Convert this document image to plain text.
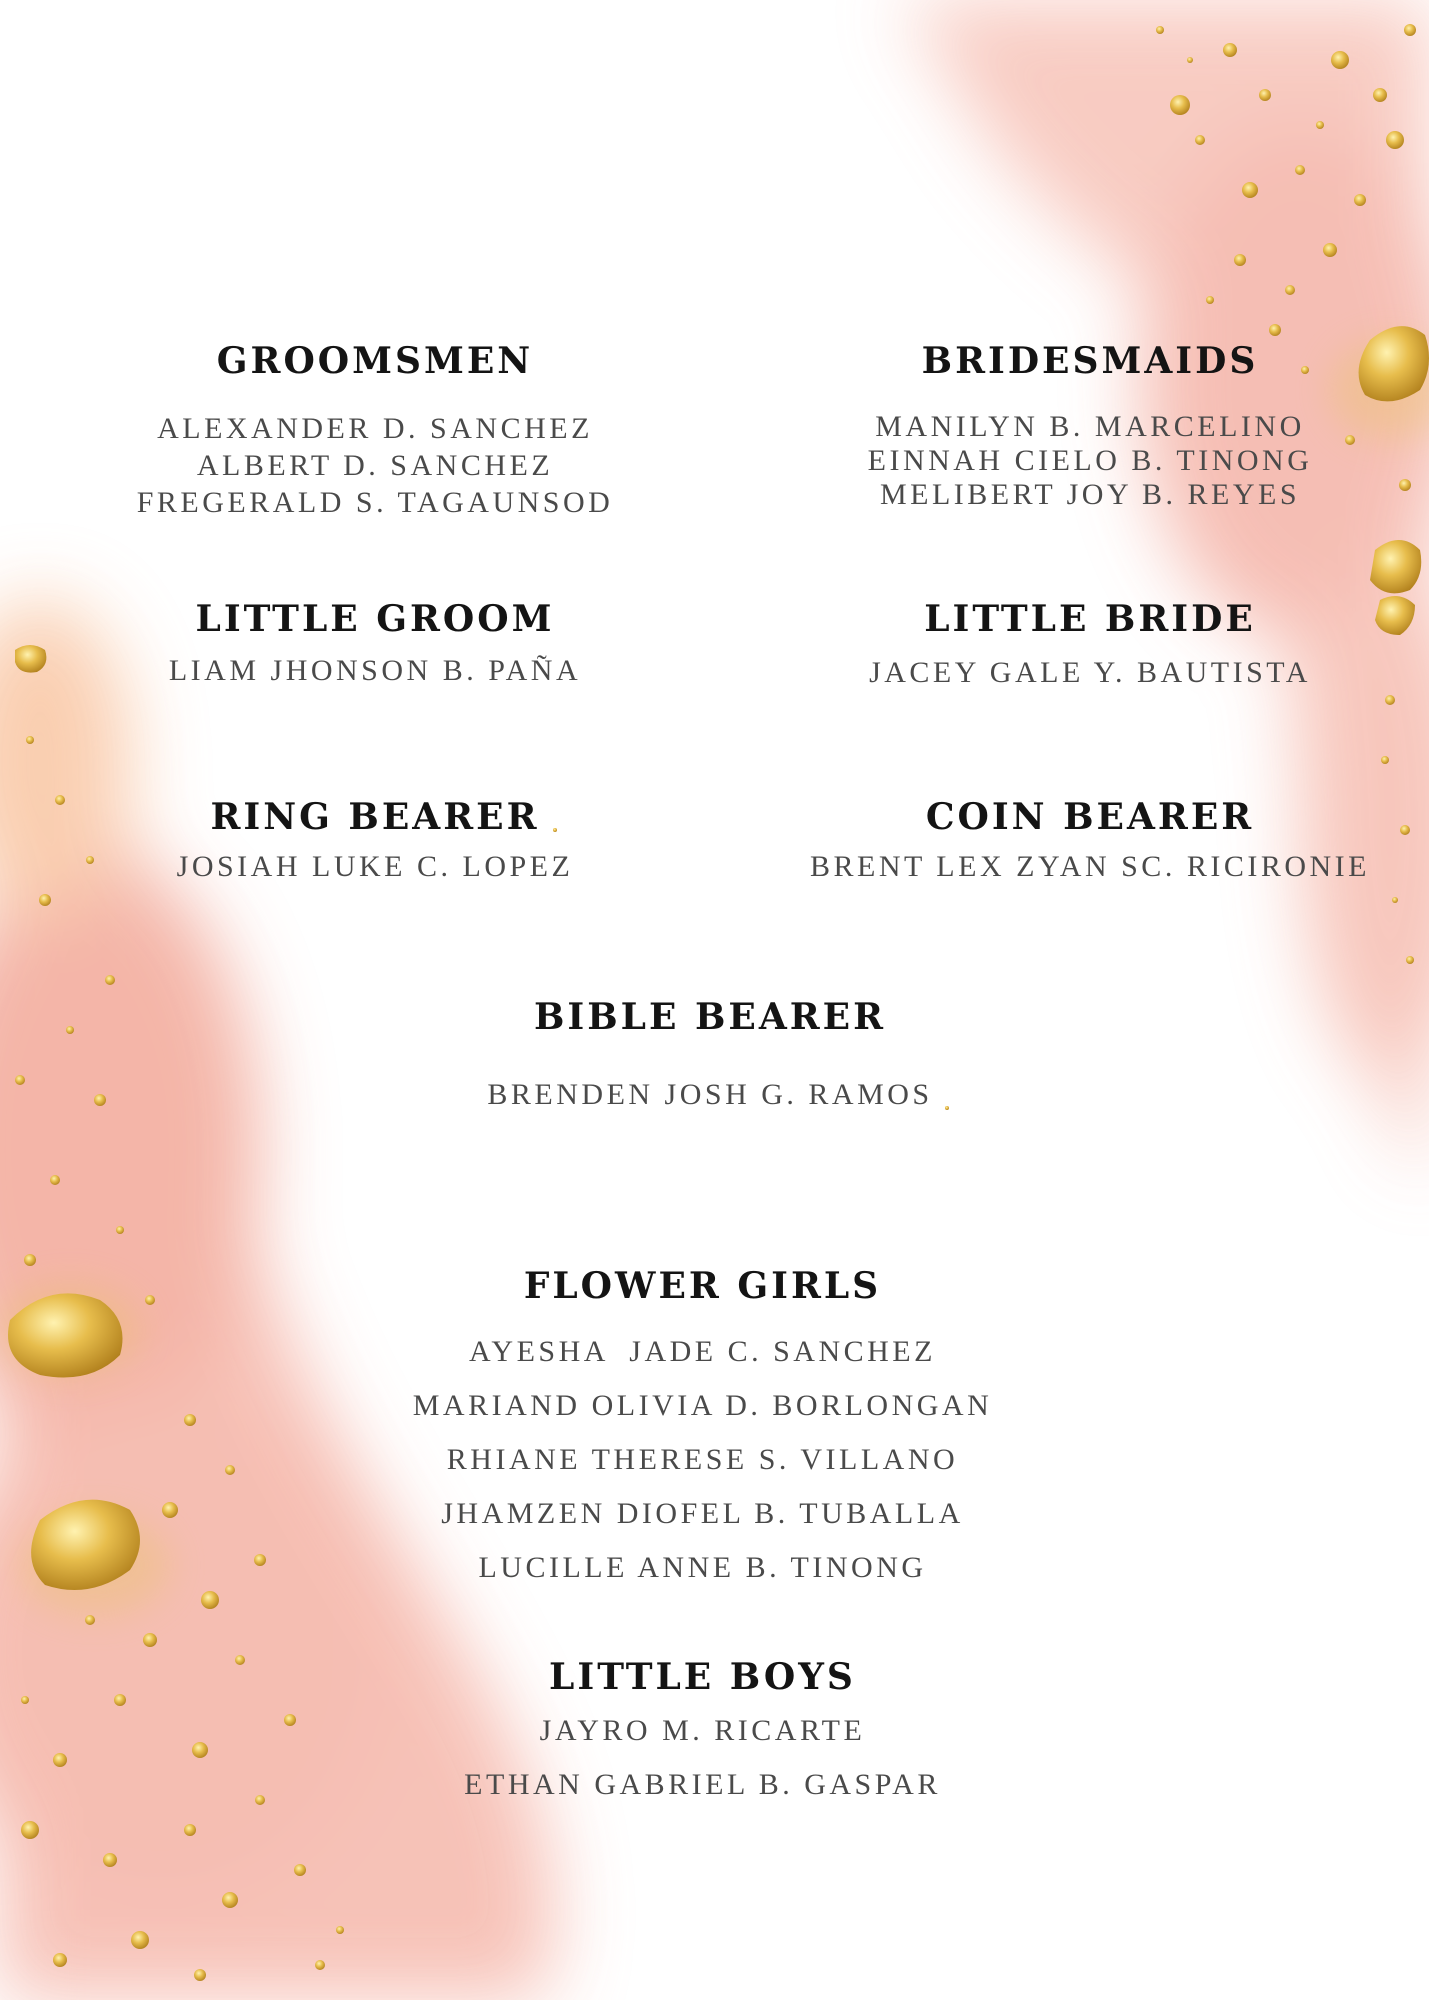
GROOMSMEN
ALEXANDER D. SANCHEZ
ALBERT D. SANCHEZ
FREGERALD S. TAGAUNSOD
BRIDESMAIDS
MANILYN B. MARCELINO
EINNAH CIELO B. TINONG
MELIBERT JOY B. REYES
LITTLE GROOM
LIAM JHONSON B. PAÑA
LITTLE BRIDE
JACEY GALE Y. BAUTISTA
RING BEARER
JOSIAH LUKE C. LOPEZ
COIN BEARER
BRENT LEX ZYAN SC. RICIRONIE
BIBLE BEARER
BRENDEN JOSH G. RAMOS
FLOWER GIRLS
AYESHA  JADE C. SANCHEZ
MARIAND OLIVIA D. BORLONGAN
RHIANE THERESE S. VILLANO
JHAMZEN DIOFEL B. TUBALLA
LUCILLE ANNE B. TINONG
LITTLE BOYS
JAYRO M. RICARTE
ETHAN GABRIEL B. GASPAR
